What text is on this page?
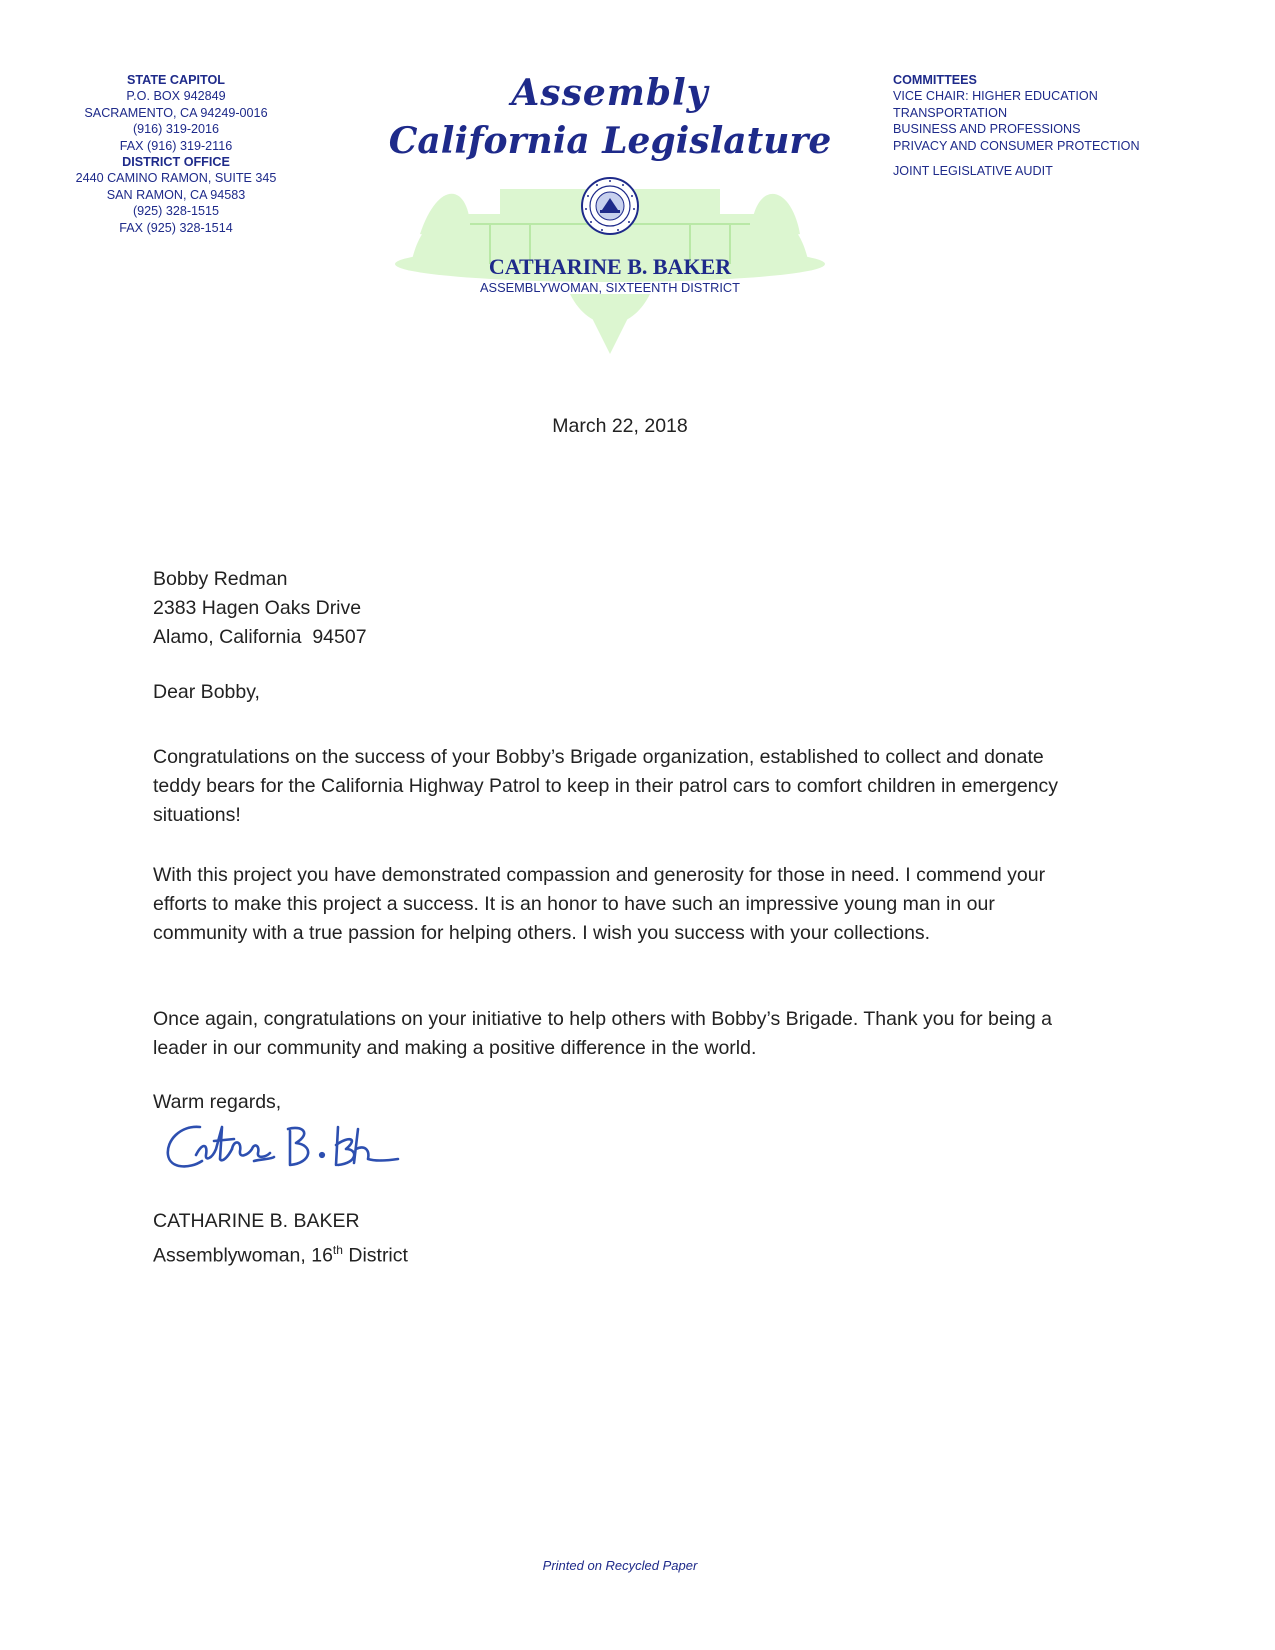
STATE CAPITOL
P.O. BOX 942849
SACRAMENTO, CA 94249-0016
(916) 319-2016
FAX (916) 319-2116
DISTRICT OFFICE
2440 CAMINO RAMON, SUITE 345
SAN RAMON, CA 94583
(925) 328-1515
FAX (925) 328-1514
Assembly
California Legislature
CATHARINE B. BAKER
ASSEMBLYWOMAN, SIXTEENTH DISTRICT
COMMITTEES
VICE CHAIR: HIGHER EDUCATION
TRANSPORTATION
BUSINESS AND PROFESSIONS
PRIVACY AND CONSUMER PROTECTION
JOINT LEGISLATIVE AUDIT
March 22, 2018
Bobby Redman
2383 Hagen Oaks Drive
Alamo, California  94507
Dear Bobby,
Congratulations on the success of your Bobby’s Brigade organization, established to collect and donate teddy bears for the California Highway Patrol to keep in their patrol cars to comfort children in emergency situations!
With this project you have demonstrated compassion and generosity for those in need. I commend your efforts to make this project a success. It is an honor to have such an impressive young man in our community with a true passion for helping others. I wish you success with your collections.
Once again, congratulations on your initiative to help others with Bobby’s Brigade. Thank you for being a leader in our community and making a positive difference in the world.
Warm regards,
CATHARINE B. BAKER
Assemblywoman, 16th District
Printed on Recycled Paper
